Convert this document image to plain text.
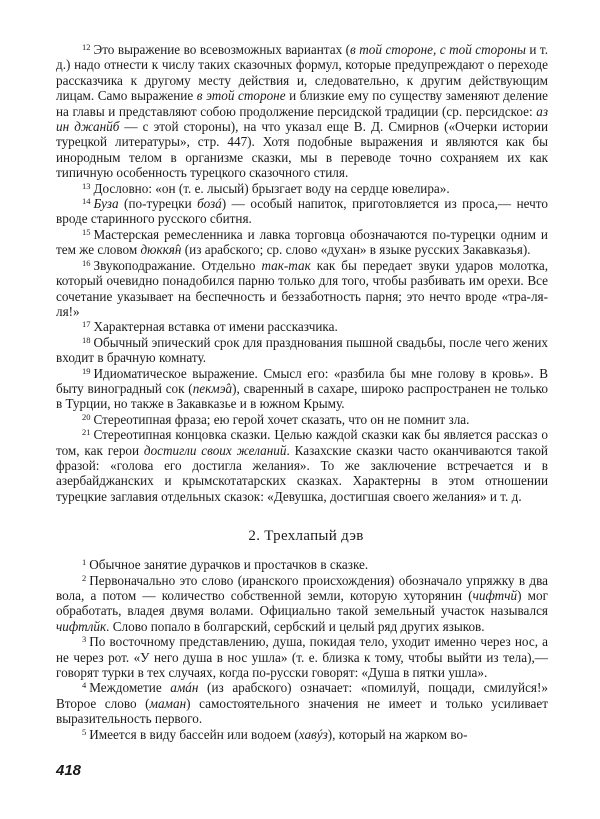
$^{12}$ Это выражение во всевозможных вариантах (в той стороне, с той стороны и т. д.) надо отнести к числу таких сказочных формул, которые предупреждают о переходе рассказчика к другому месту действия и, следовательно, к другим действующим лицам. Само выражение в этой стороне и близкие ему по существу заменяют деление на главы и представляют собою продолжение персидской традиции (ср. персидское: аз ин джанйб — с этой стороны), на что указал еще В. Д. Смирнов («Очерки истории турецкой литературы», стр. 447). Хотя подобные выражения и являются как бы инородным телом в организме сказки, мы в переводе точно сохраняем их как типичную особенность турецкого сказочного стиля.

$^{13}$ Дословно: «он (т. е. лысый) брызгает воду на сердце ювелира».

$^{14}$ Буза (по-турецки бозá) — особый напиток, приготовляется из проса,— нечто вроде старинного русского сбитня.

$^{15}$ Мастерская ремесленника и лавка торговца обозначаются по-турецки одним и тем же словом дюккя̂н (из арабского; ср. слово «духан» в языке русских Закавказья).

$^{16}$ Звукоподражание. Отдельно так-так как бы передает звуки ударов молотка, который очевидно понадобился парню только для того, чтобы разбивать им орехи. Все сочетание указывает на беспечность и беззаботность парня; это нечто вроде «тра-ля-ля!»

$^{17}$ Характерная вставка от имени рассказчика.

$^{18}$ Обычный эпический срок для празднования пышной свадьбы, после чего жених входит в брачную комнату.

$^{19}$ Идиоматическое выражение. Смысл его: «разбила бы мне голову в кровь». В быту виноградный сок (пекмэ̂а), сваренный в сахаре, широко распространен не только в Турции, но также в Закавказье и в южном Крыму.

$^{20}$ Стереотипная фраза; ею герой хочет сказать, что он не помнит зла.

$^{21}$ Стереотипная концовка сказки. Целью каждой сказки как бы является рассказ о том, как герои достигли своих желаний. Казахские сказки часто оканчиваются такой фразой: «голова его достигла желания». То же заключение встречается и в азербайджанских и крымскотатарских сказках. Характерны в этом отношении турецкие заглавия отдельных сказок: «Девушка, достигшая своего желания» и т. д.

2. Трехлапый дэв

$^1$ Обычное занятие дурачков и простачков в сказке.

$^2$ Первоначально это слово (иранского происхождения) обозначало упряжку в два вола, а потом — количество собственной земли, которую хуторянин (чифтчй) мог обработать, владея двумя волами. Официально такой земельный участок назывался чифтлйк. Слово попало в болгарский, сербский и целый ряд других языков.

$^3$ По восточному представлению, душа, покидая тело, уходит именно через нос, а не через рот. «У него душа в нос ушла» (т. е. близка к тому, чтобы выйти из тела),— говорят турки в тех случаях, когда по-русски говорят: «Душа в пятки ушла».

$^4$ Междометие амáн (из арабского) означает: «помилуй, пощади, смилуйся!» Второе слово (маман) самостоятельного значения не имеет и только усиливает выразительность первого.

$^5$ Имеется в виду бассейн или водоем (хавýз), который на жарком во-

418
